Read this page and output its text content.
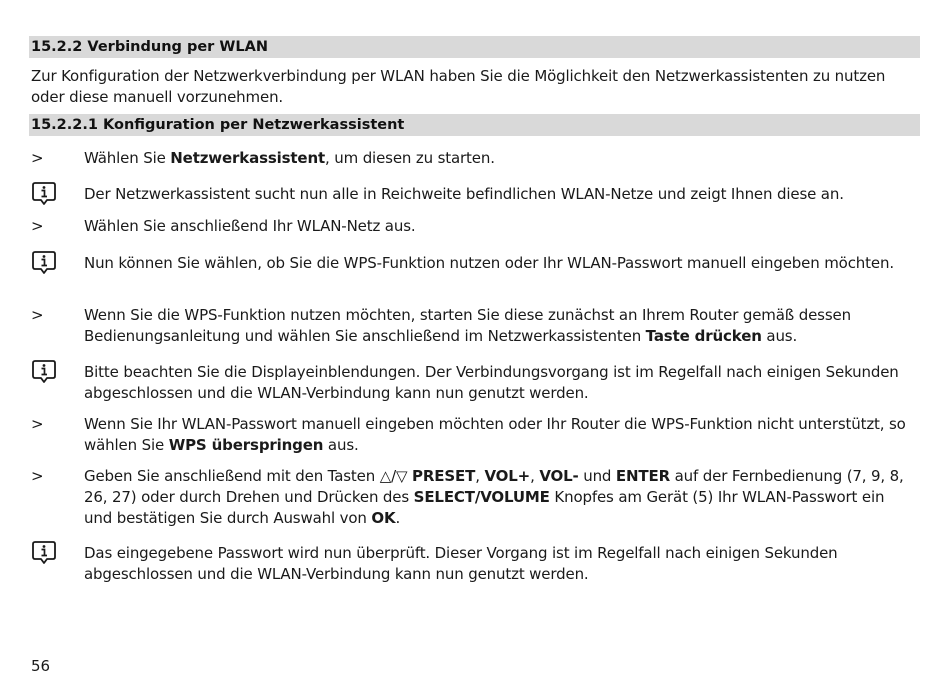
15.2.2 Verbindung per WLAN
Zur Konfiguration der Netzwerkverbindung per WLAN haben Sie die Möglichkeit den Netzwerkassistenten zu nutzen oder diese manuell vorzunehmen.
15.2.2.1 Konfiguration per Netzwerkassistent
>	Wählen Sie Netzwerkassistent, um diesen zu starten.
Der Netzwerkassistent sucht nun alle in Reichweite befindlichen WLAN-Netze und zeigt Ihnen diese an.
>	Wählen Sie anschließend Ihr WLAN-Netz aus.
Nun können Sie wählen, ob Sie die WPS-Funktion nutzen oder Ihr WLAN-Passwort manuell eingeben möchten.
>	Wenn Sie die WPS-Funktion nutzen möchten, starten Sie diese zunächst an Ihrem Router gemäß dessen Bedienungsanleitung und wählen Sie anschließend im Netzwerkassistenten Taste drücken aus.
Bitte beachten Sie die Displayeinblendungen. Der Verbindungsvorgang ist im Regelfall nach einigen Sekunden abgeschlossen und die WLAN-Verbindung kann nun genutzt werden.
>	Wenn Sie Ihr WLAN-Passwort manuell eingeben möchten oder Ihr Router die WPS-Funktion nicht unterstützt, so wählen Sie WPS überspringen aus.
>	Geben Sie anschließend mit den Tasten △/▽ PRESET, VOL+, VOL- und ENTER auf der Fernbedienung (7, 9, 8, 26, 27) oder durch Drehen und Drücken des SELECT/VOLUME Knopfes am Gerät (5) Ihr WLAN-Passwort ein und bestätigen Sie durch Auswahl von OK.
Das eingegebene Passwort wird nun überprüft. Dieser Vorgang ist im Regelfall nach einigen Sekunden abgeschlossen und die WLAN-Verbindung kann nun genutzt werden.
56
